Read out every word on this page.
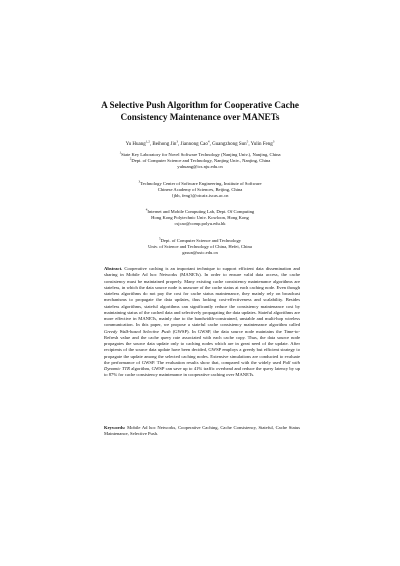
A Selective Push Algorithm for Cooperative Cache
Consistency Maintenance over MANETs
Yu Huang$^{1,2}$, Beihong Jin$^3$, Jiannong Cao$^4$, Guangzhong Sun$^5$, Yulin Feng$^3$
$^1$State Key Laboratory for Novel Software Technology (Nanjing Univ.), Nanjing, China
$^2$Dept. of Computer Science and Technology, Nanjing Univ., Nanjing, China
yuhuang@ics.nju.edu.cn
$^3$Technology Center of Software Engineering, Institute of Software
Chinese Academy of Sciences, Beijing, China
{jbh, feng}@otcaix.iscas.ac.cn
$^4$Internet and Mobile Computing Lab, Dept. Of Computing
Hong Kong Polytechnic Univ. Kowloon, Hong Kong
csjcao@comp.polyu.edu.hk
$^5$Dept. of Computer Science and Technology
Univ. of Science and Technology of China, Hefei, China
gzsun@ustc.edu.cn
Abstract. Cooperative caching is an important technique to support efficient data dissemination and sharing in Mobile Ad hoc Networks (MANETs). In order to ensure valid data access, the cache consistency must be maintained properly. Many existing cache consistency maintenance algorithms are stateless, in which the data source node is unaware of the cache status at each caching node. Even though stateless algorithms do not pay the cost for cache status maintenance, they mainly rely on broadcast mechanisms to propagate the data updates, thus lacking cost-effectiveness and scalability. Besides stateless algorithms, stateful algorithms can significantly reduce the consistency maintenance cost by maintaining status of the cached data and selectively propagating the data updates. Stateful algorithms are more effective in MANETs, mainly due to the bandwidth-constrained, unstable and multi-hop wireless communication. In this paper, we propose a stateful cache consistency maintenance algorithm called Greedy Walk-based Selective Push (GWSP). In GWSP, the data source node maintains the Time-to-Refresh value and the cache query rate associated with each cache copy. Thus, the data source node propagates the source data update only to caching nodes which are in great need of the update. After recipients of the source data update have been decided, GWSP employs a greedy but efficient strategy to propagate the update among the selected caching nodes. Extensive simulations are conducted to evaluate the performance of GWSP. The evaluation results show that, compared with the widely used Pull with Dynamic TTR algorithm, GWSP can save up to 41% traffic overhead and reduce the query latency by up to 87% for cache consistency maintenance in cooperative caching over MANETs.
Keywords: Mobile Ad hoc Networks, Cooperative Caching, Cache Consistency, Stateful, Cache Status Maintenance, Selective Push.
